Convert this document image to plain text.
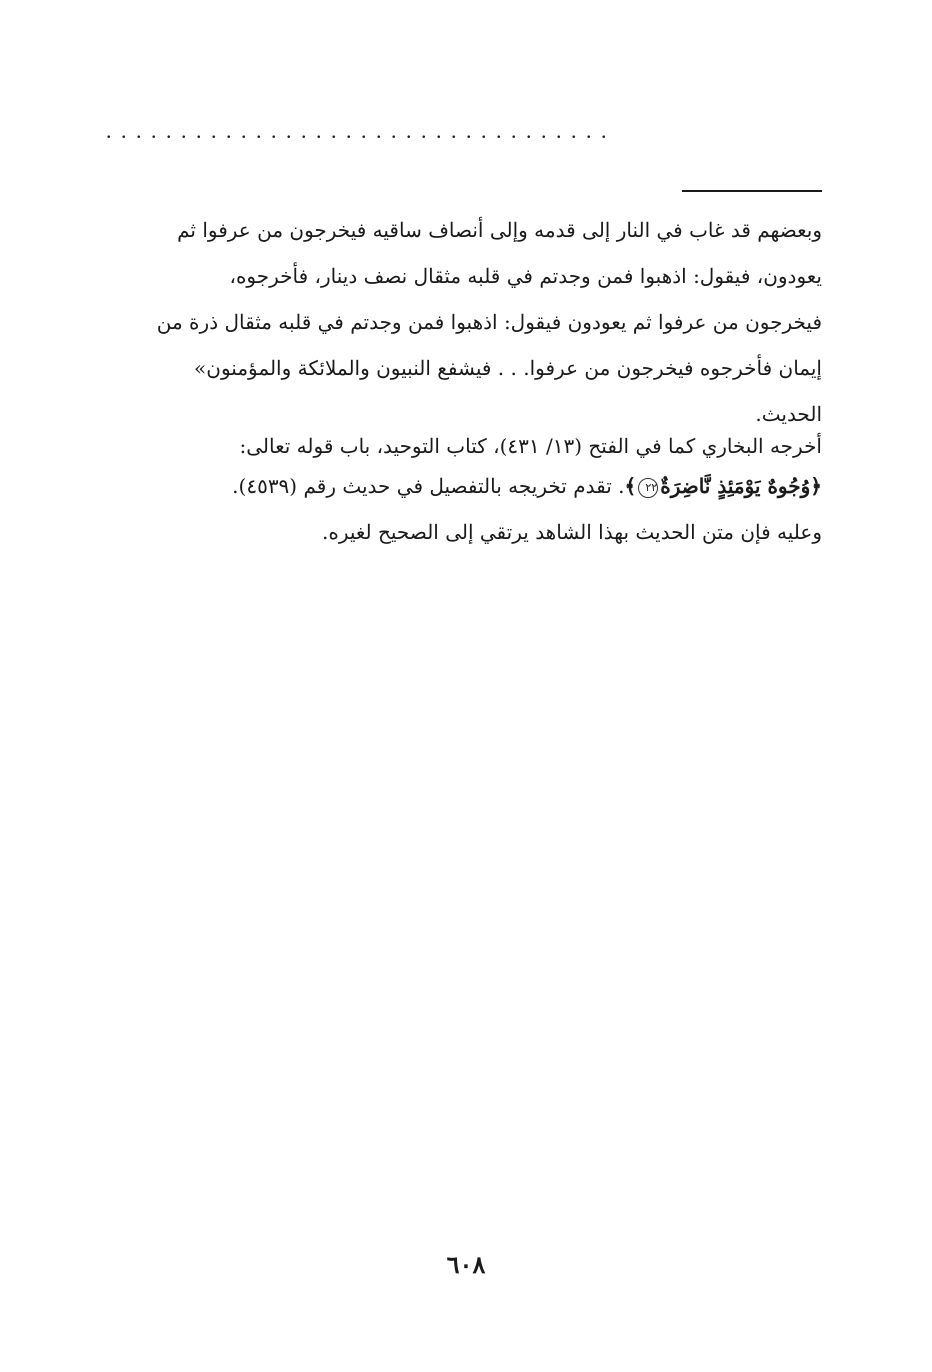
..................................
وبعضهم قد غاب في النار إلى قدمه وإلى أنصاف ساقيه فيخرجون من عرفوا ثم
يعودون، فيقول: اذهبوا فمن وجدتم في قلبه مثقال نصف دينار، فأخرجوه،
فيخرجون من عرفوا ثم يعودون فيقول: اذهبوا فمن وجدتم في قلبه مثقال ذرة من
إيمان فأخرجوه فيخرجون من عرفوا. . . فيشفع النبيون والملائكة والمؤمنون»
الحديث.
أخرجه البخاري كما في الفتح (١٣/ ٤٣١)، كتاب التوحيد، باب قوله تعالى:
﴿وُجُوهٌ يَوْمَئِذٍ نَّاضِرَةٌ٢٢﴾. تقدم تخريجه بالتفصيل في حديث رقم (٤٥٣٩).
وعليه فإن متن الحديث بهذا الشاهد يرتقي إلى الصحيح لغيره.
٦٠٨
